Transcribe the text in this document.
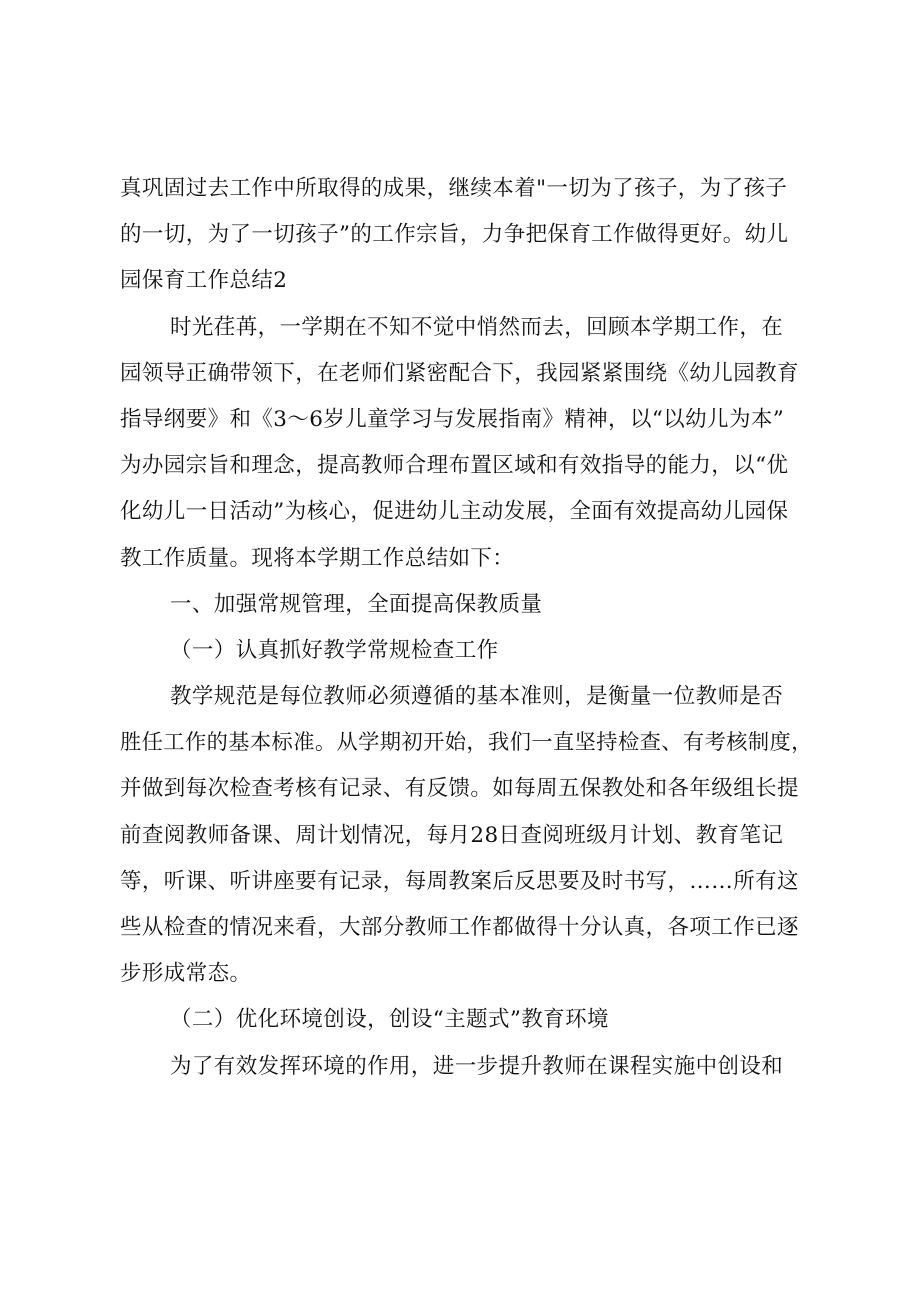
真巩固过去工作中所取得的成果，继续本着"一切为了孩子，为了孩子
的一切，为了一切孩子”的工作宗旨，力争把保育工作做得更好。幼儿
园保育工作总结2
时光荏苒，一学期在不知不觉中悄然而去，回顾本学期工作，在
园领导正确带领下，在老师们紧密配合下，我园紧紧围绕《幼儿园教育
指导纲要》和《3～6岁儿童学习与发展指南》精神，以“以幼儿为本”
为办园宗旨和理念，提高教师合理布置区域和有效指导的能力，以“优
化幼儿一日活动”为核心，促进幼儿主动发展，全面有效提高幼儿园保
教工作质量。现将本学期工作总结如下：
一、加强常规管理，全面提高保教质量
（一）认真抓好教学常规检查工作
教学规范是每位教师必须遵循的基本准则，是衡量一位教师是否
胜任工作的基本标准。从学期初开始，我们一直坚持检查、有考核制度，
并做到每次检查考核有记录、有反馈。如每周五保教处和各年级组长提
前查阅教师备课、周计划情况，每月28日查阅班级月计划、教育笔记
等，听课、听讲座要有记录，每周教案后反思要及时书写，……所有这
些从检查的情况来看，大部分教师工作都做得十分认真，各项工作已逐
步形成常态。
（二）优化环境创设，创设“主题式”教育环境
为了有效发挥环境的作用，进一步提升教师在课程实施中创设和
